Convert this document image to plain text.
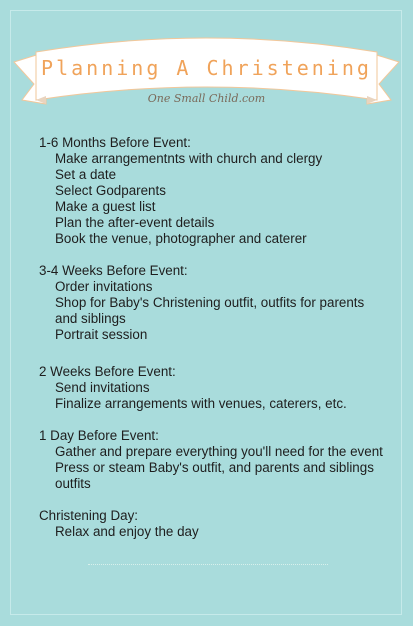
Planning A Christening
One Small Child.com

1-6 Months Before Event:

Make arrangementnts with church and clergy
Set a date
Select Godparents
Make a guest list
Plan the after-event details
Book the venue, photographer and caterer

3-4 Weeks Before Event:

Order invitations
Shop for Baby's Christening outfit, outfits for parents and siblings
Portrait session

2 Weeks Before Event:

Send invitations
Finalize arrangements with venues, caterers, etc.

1 Day Before Event:

Gather and prepare everything you'll need for the event
Press or steam Baby's outfit, and parents and siblings outfits

Christening Day:

Relax and enjoy the day
